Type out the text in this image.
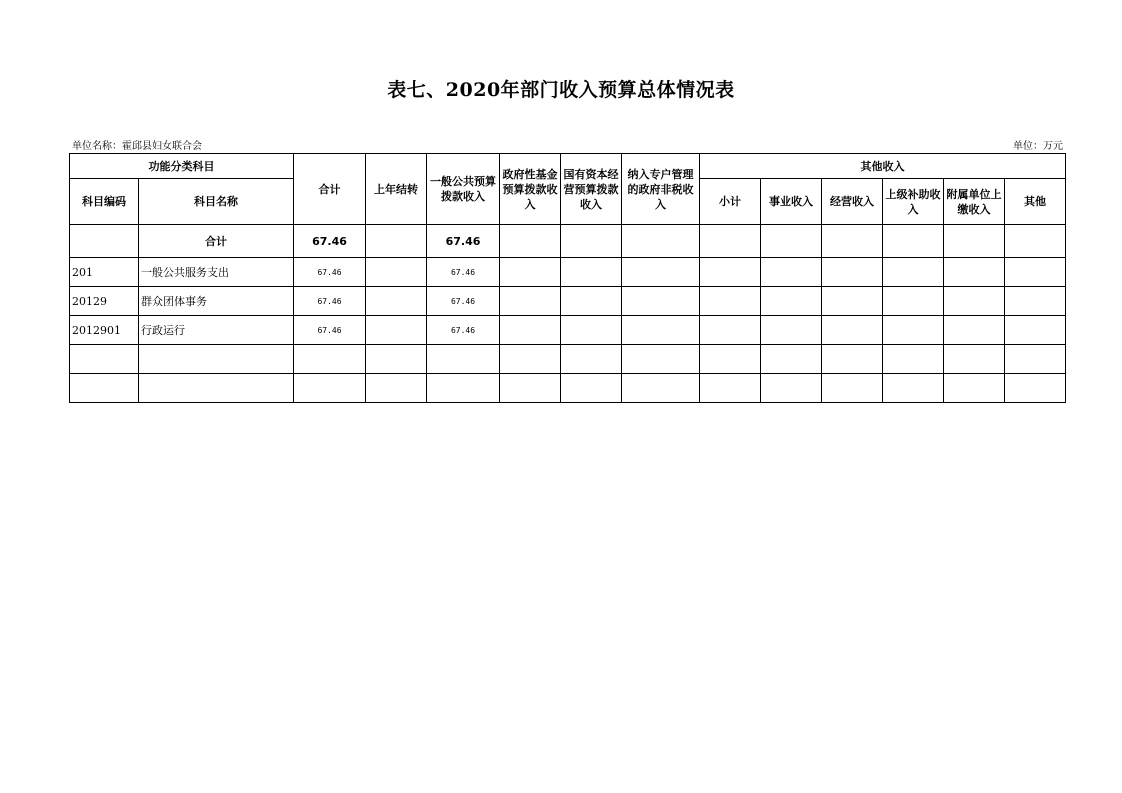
表七、2020年部门收入预算总体情况表
单位名称：霍邱县妇女联合会	单位：万元
功能分类科目		合计	上年结转	一般公共预算拨款收入	政府性基金预算拨款收入	国有资本经营预算拨款收入	纳入专户管理的政府非税收入	其他收入					
科目编码	科目名称							小计	事业收入	经营收入	上级补助收入	附属单位上缴收入	其他
	合计	67.46		67.46									
201	一般公共服务支出	67.46		67.46									
20129	群众团体事务	67.46		67.46									
2012901	行政运行	67.46		67.46									
